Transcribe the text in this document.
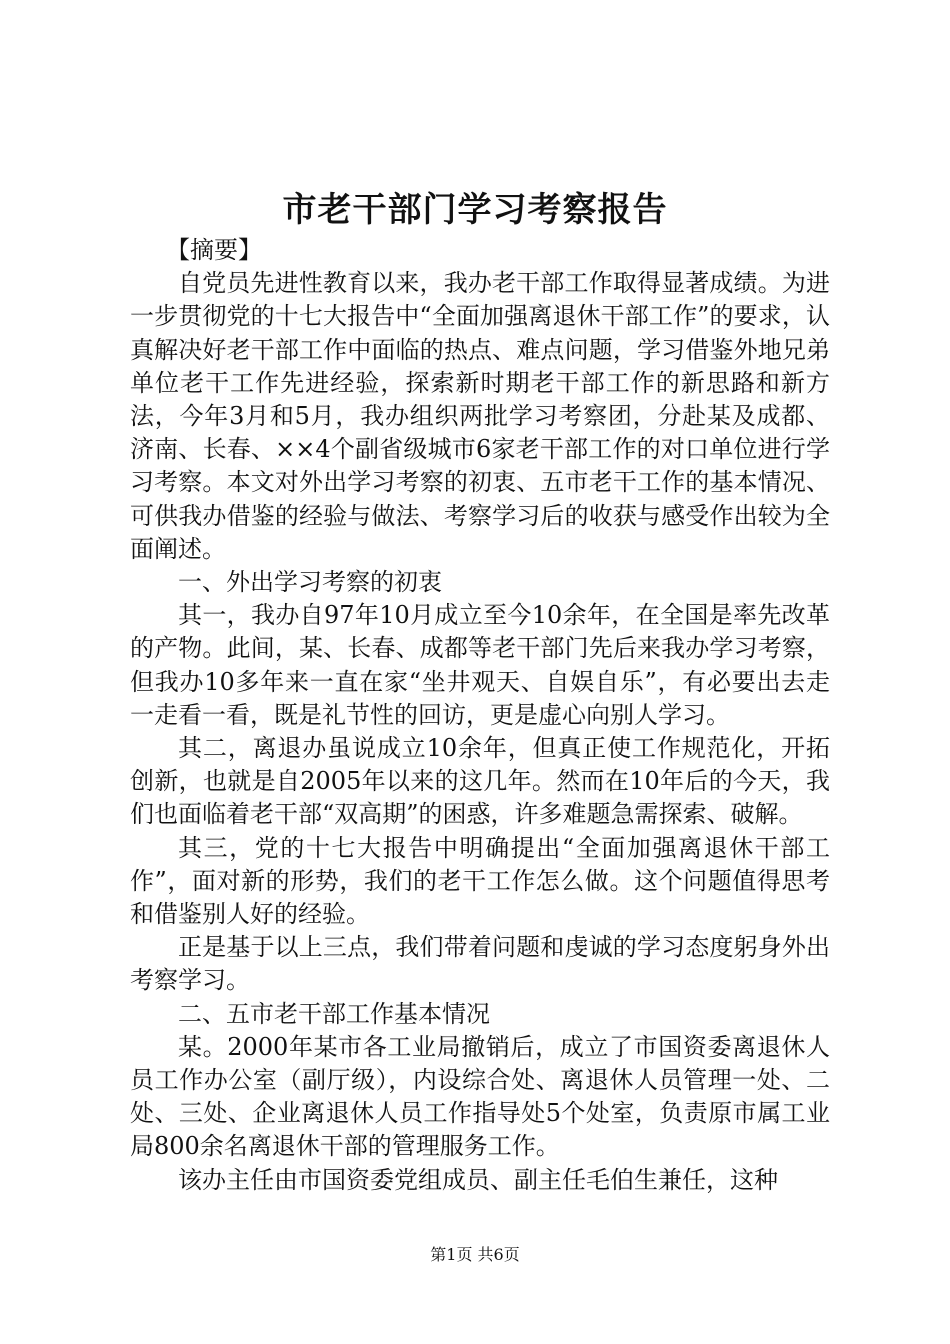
市老干部门学习考察报告

【摘要】

自党员先进性教育以来，我办老干部工作取得显著成绩。为进一步贯彻党的十七大报告中“全面加强离退休干部工作”的要求，认真解决好老干部工作中面临的热点、难点问题，学习借鉴外地兄弟单位老干工作先进经验，探索新时期老干部工作的新思路和新方法，今年3月和5月，我办组织两批学习考察团，分赴某及成都、济南、长春、××4个副省级城市6家老干部工作的对口单位进行学习考察。本文对外出学习考察的初衷、五市老干工作的基本情况、可供我办借鉴的经验与做法、考察学习后的收获与感受作出较为全面阐述。

一、外出学习考察的初衷

其一，我办自97年10月成立至今10余年，在全国是率先改革的产物。此间，某、长春、成都等老干部门先后来我办学习考察，但我办10多年来一直在家“坐井观天、自娱自乐”，有必要出去走一走看一看，既是礼节性的回访，更是虚心向别人学习。

其二，离退办虽说成立10余年，但真正使工作规范化，开拓创新，也就是自2005年以来的这几年。然而在10年后的今天，我们也面临着老干部“双高期”的困惑，许多难题急需探索、破解。

其三，党的十七大报告中明确提出“全面加强离退休干部工作”，面对新的形势，我们的老干工作怎么做。这个问题值得思考和借鉴别人好的经验。

正是基于以上三点，我们带着问题和虔诚的学习态度躬身外出考察学习。

二、五市老干部工作基本情况

某。2000年某市各工业局撤销后，成立了市国资委离退休人员工作办公室（副厅级），内设综合处、离退休人员管理一处、二处、三处、企业离退休人员工作指导处5个处室，负责原市属工业局800余名离退休干部的管理服务工作。

该办主任由市国资委党组成员、副主任毛伯生兼任，这种

第1页 共6页
